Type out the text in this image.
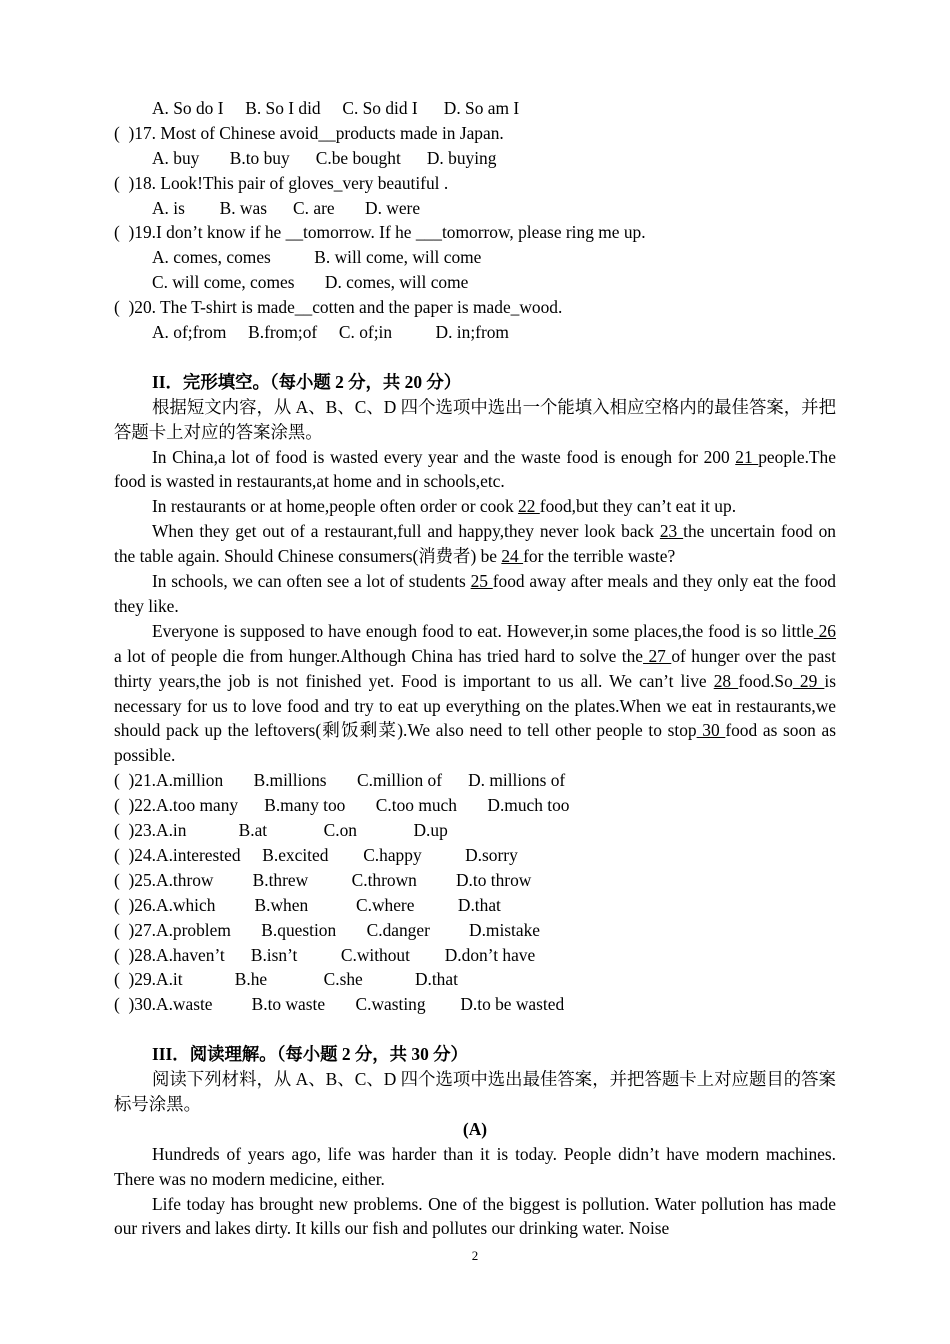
A. So do I     B. So I did     C. So did I      D. So am I
(  )17. Most of Chinese avoid__products made in Japan.
A. buy       B.to buy      C.be bought      D. buying
(  )18. Look!This pair of gloves_very beautiful .
A. is        B. was      C. are       D. were
(  )19.I don’t know if he __tomorrow. If he ___tomorrow, please ring me up.
A. comes, comes          B. will come, will come
C. will come, comes       D. comes, will come
(  )20. The T-shirt is made__cotten and the paper is made_wood.
A. of;from     B.from;of     C. of;in          D. in;from
II．完形填空。（每小题 2 分，共 20 分）
根据短文内容，从 A、B、C、D 四个选项中选出一个能填入相应空格内的最佳答案，并把答题卡上对应的答案涂黑。
In China,a lot of food is wasted every year and the waste food is enough for 200 21 people.The food is wasted in restaurants,at home and in schools,etc.
In restaurants or at home,people often order or cook 22 food,but they can’t eat it up.
When they get out of a restaurant,full and happy,they never look back 23 the uncertain food on the table again. Should Chinese consumers(消费者) be 24 for the terrible waste?
In schools, we can often see a lot of students 25 food away after meals and they only eat the food they like.
Everyone is supposed to have enough food to eat. However,in some places,the food is so little 26 a lot of people die from hunger.Although China has tried hard to solve the 27 of hunger over the past thirty years,the job is not finished yet. Food is important to us all. We can’t live 28 food.So 29 is necessary for us to love food and try to eat up everything on the plates.When we eat in restaurants,we should pack up the leftovers(剩饭剩菜).We also need to tell other people to stop 30 food as soon as possible.
(  )21.A.million       B.millions       C.million of      D. millions of
(  )22.A.too many      B.many too       C.too much       D.much too
(  )23.A.in            B.at             C.on             D.up
(  )24.A.interested     B.excited        C.happy          D.sorry
(  )25.A.throw         B.threw          C.thrown         D.to throw
(  )26.A.which         B.when           C.where          D.that
(  )27.A.problem       B.question       C.danger         D.mistake
(  )28.A.haven’t      B.isn’t          C.without        D.don’t have
(  )29.A.it            B.he             C.she            D.that
(  )30.A.waste         B.to waste       C.wasting        D.to be wasted
III．阅读理解。（每小题 2 分，共 30 分）
阅读下列材料，从 A、B、C、D 四个选项中选出最佳答案，并把答题卡上对应题目的答案标号涂黑。
(A)
Hundreds of years ago, life was harder than it is today. People didn’t have modern machines. There was no modern medicine, either.
Life today has brought new problems. One of the biggest is pollution. Water pollution has made our rivers and lakes dirty. It kills our fish and pollutes our drinking water. Noise
2
